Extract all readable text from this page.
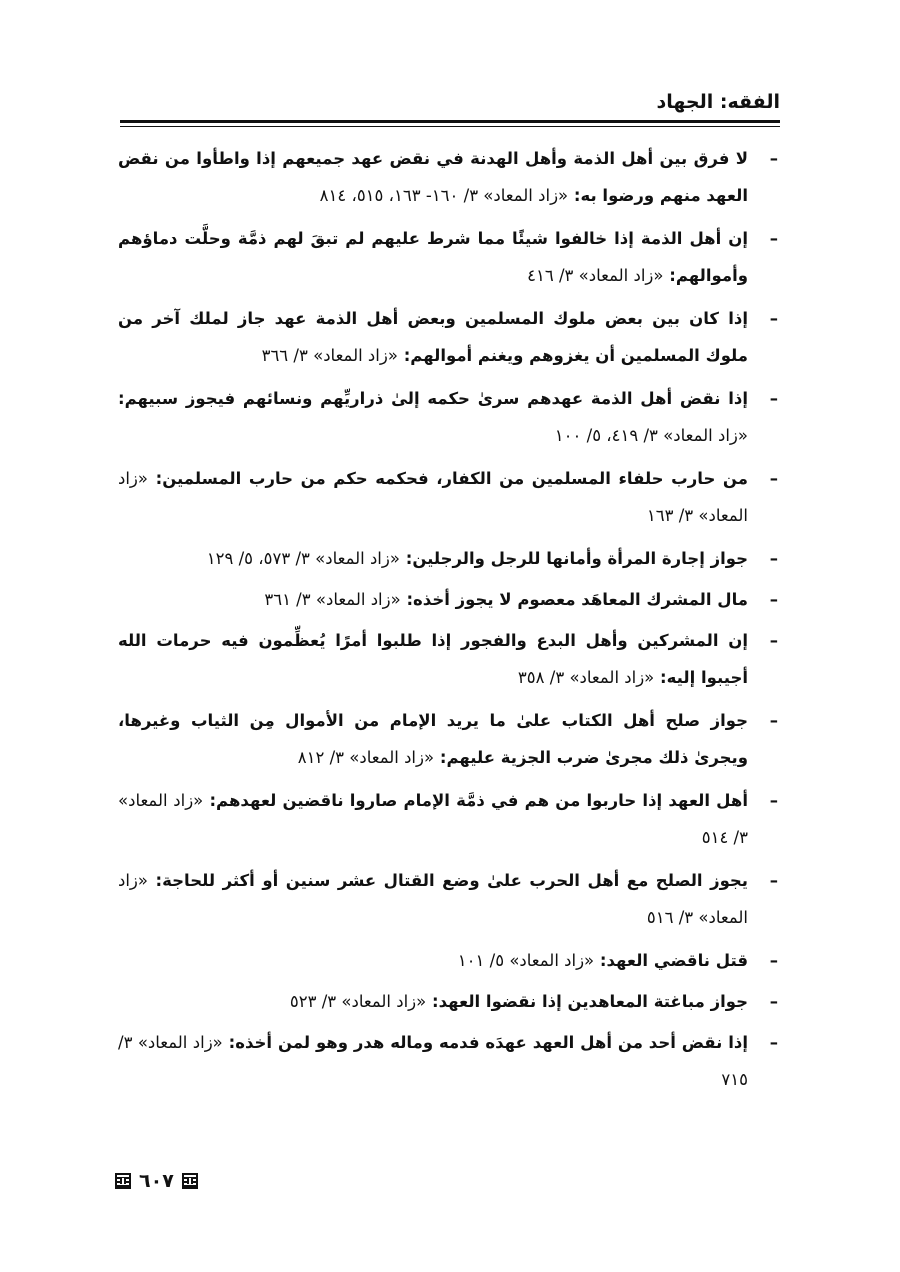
الفقه: الجهاد
–
لا فرق بين أهل الذمة وأهل الهدنة في نقض عهد جميعهم إذا واطأوا من نقض العهد منهم ورضوا به: «زاد المعاد» ٣/ ١٦٠- ١٦٣، ٥١٥، ٨١٤
–
إن أهل الذمة إذا خالفوا شيئًا مما شرط عليهم لم تبقَ لهم ذمَّة وحلَّت دماؤهم وأموالهم: «زاد المعاد» ٣/ ٤١٦
–
إذا كان بين بعض ملوك المسلمين وبعض أهل الذمة عهد جاز لملك آخر من ملوك المسلمين أن يغزوهم ويغنم أموالهم: «زاد المعاد» ٣/ ٣٦٦
–
إذا نقض أهل الذمة عهدهم سرىٰ حكمه إلىٰ ذراريِّهم ونسائهم فيجوز سبيهم: «زاد المعاد» ٣/ ٤١٩، ٥/ ١٠٠
–
من حارب حلفاء المسلمين من الكفار، فحكمه حكم من حارب المسلمين: «زاد المعاد» ٣/ ١٦٣
–
جواز إجارة المرأة وأمانها للرجل والرجلين: «زاد المعاد» ٣/ ٥٧٣، ٥/ ١٢٩
–
مال المشرك المعاهَد معصوم لا يجوز أخذه: «زاد المعاد» ٣/ ٣٦١
–
إن المشركين وأهل البدع والفجور إذا طلبوا أمرًا يُعظِّمون فيه حرمات الله أجيبوا إليه: «زاد المعاد» ٣/ ٣٥٨
–
جواز صلح أهل الكتاب علىٰ ما يريد الإمام من الأموال مِن الثياب وغيرها، ويجرىٰ ذلك مجرىٰ ضرب الجزية عليهم: «زاد المعاد» ٣/ ٨١٢
–
أهل العهد إذا حاربوا من هم في ذمَّة الإمام صاروا ناقضين لعهدهم: «زاد المعاد» ٣/ ٥١٤
–
يجوز الصلح مع أهل الحرب علىٰ وضع القتال عشر سنين أو أكثر للحاجة: «زاد المعاد» ٣/ ٥١٦
–
قتل ناقضي العهد: «زاد المعاد» ٥/ ١٠١
–
جواز مباغتة المعاهدين إذا نقضوا العهد: «زاد المعاد» ٣/ ٥٢٣
–
إذا نقض أحد من أهل العهد عهدَه فدمه وماله هدر وهو لمن أخذه: «زاد المعاد» ٣/ ٧١٥
٦٠٧
